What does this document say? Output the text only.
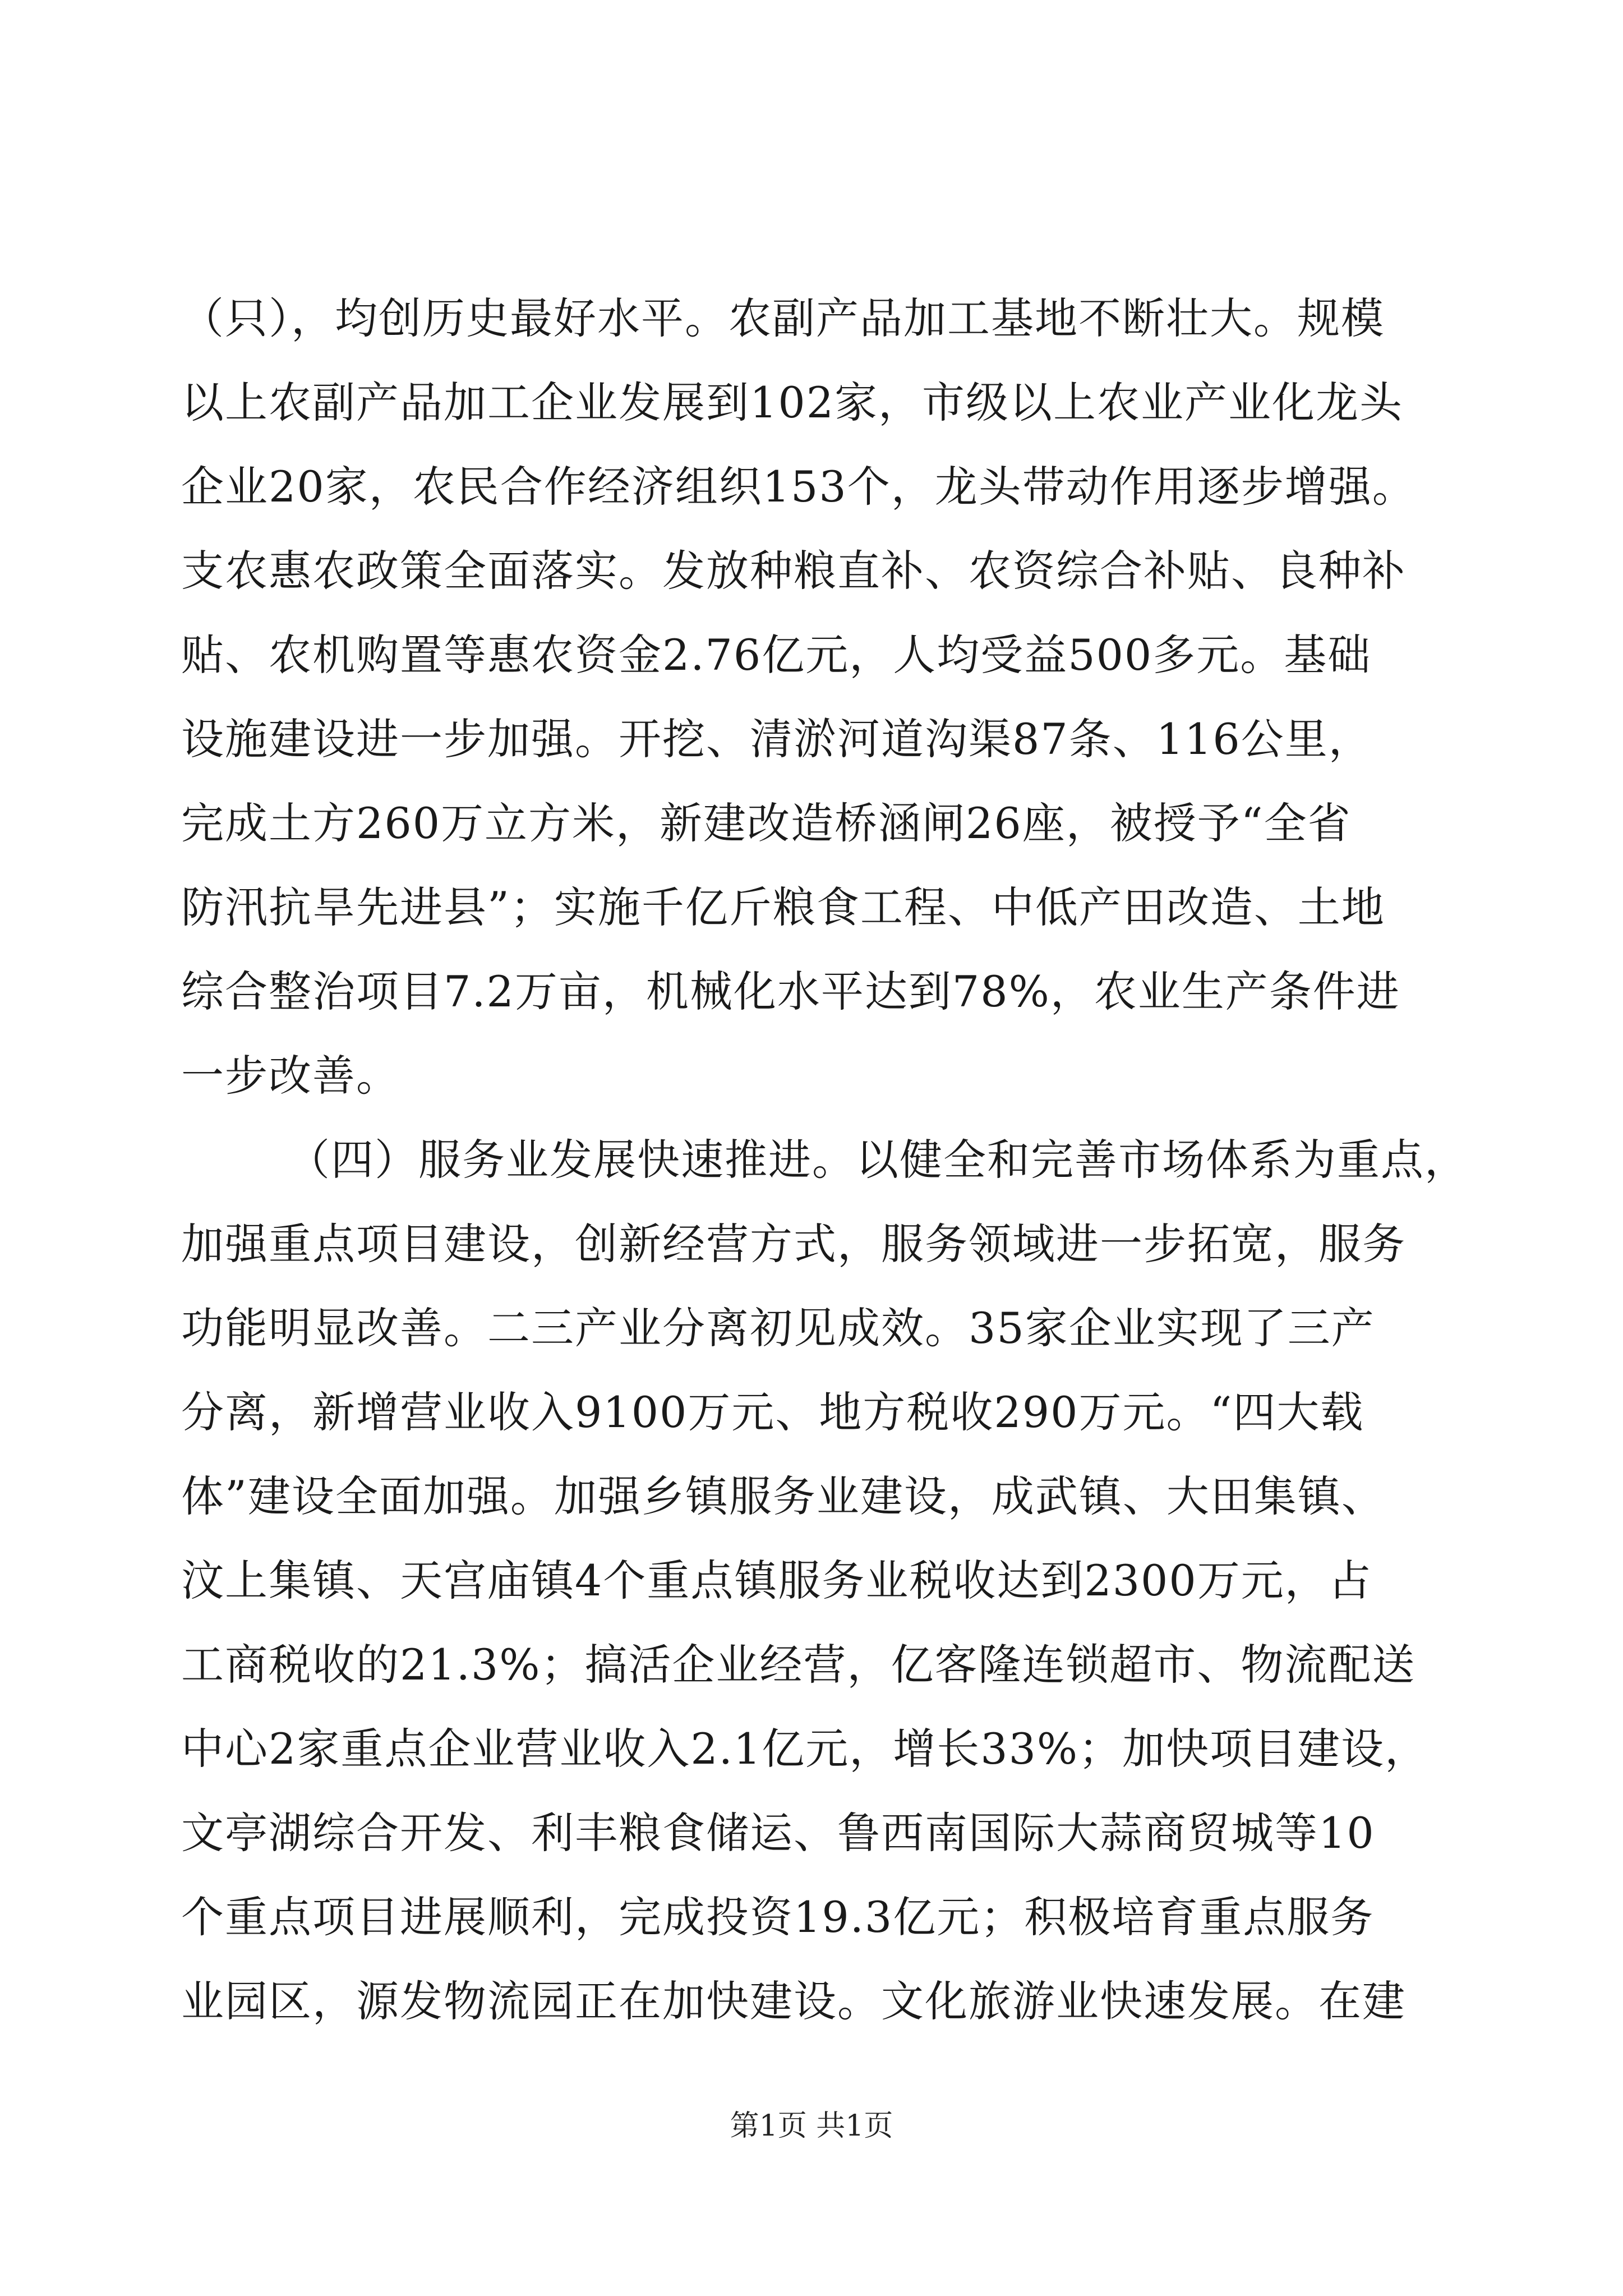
（只），均创历史最好水平。农副产品加工基地不断壮大。规模
以上农副产品加工企业发展到102家，市级以上农业产业化龙头
企业20家，农民合作经济组织153个，龙头带动作用逐步增强。
支农惠农政策全面落实。发放种粮直补、农资综合补贴、良种补
贴、农机购置等惠农资金2.76亿元，人均受益500多元。基础
设施建设进一步加强。开挖、清淤河道沟渠87条、116公里，
完成土方260万立方米，新建改造桥涵闸26座，被授予“全省
防汛抗旱先进县”；实施千亿斤粮食工程、中低产田改造、土地
综合整治项目7.2万亩，机械化水平达到78%，农业生产条件进
一步改善。
（四）服务业发展快速推进。以健全和完善市场体系为重点，
加强重点项目建设，创新经营方式，服务领域进一步拓宽，服务
功能明显改善。二三产业分离初见成效。35家企业实现了三产
分离，新增营业收入9100万元、地方税收290万元。“四大载
体”建设全面加强。加强乡镇服务业建设，成武镇、大田集镇、
汶上集镇、天宫庙镇4个重点镇服务业税收达到2300万元，占
工商税收的21.3%；搞活企业经营，亿客隆连锁超市、物流配送
中心2家重点企业营业收入2.1亿元，增长33%；加快项目建设，
文亭湖综合开发、利丰粮食储运、鲁西南国际大蒜商贸城等10
个重点项目进展顺利，完成投资19.3亿元；积极培育重点服务
业园区，源发物流园正在加快建设。文化旅游业快速发展。在建
第1页 共1页
